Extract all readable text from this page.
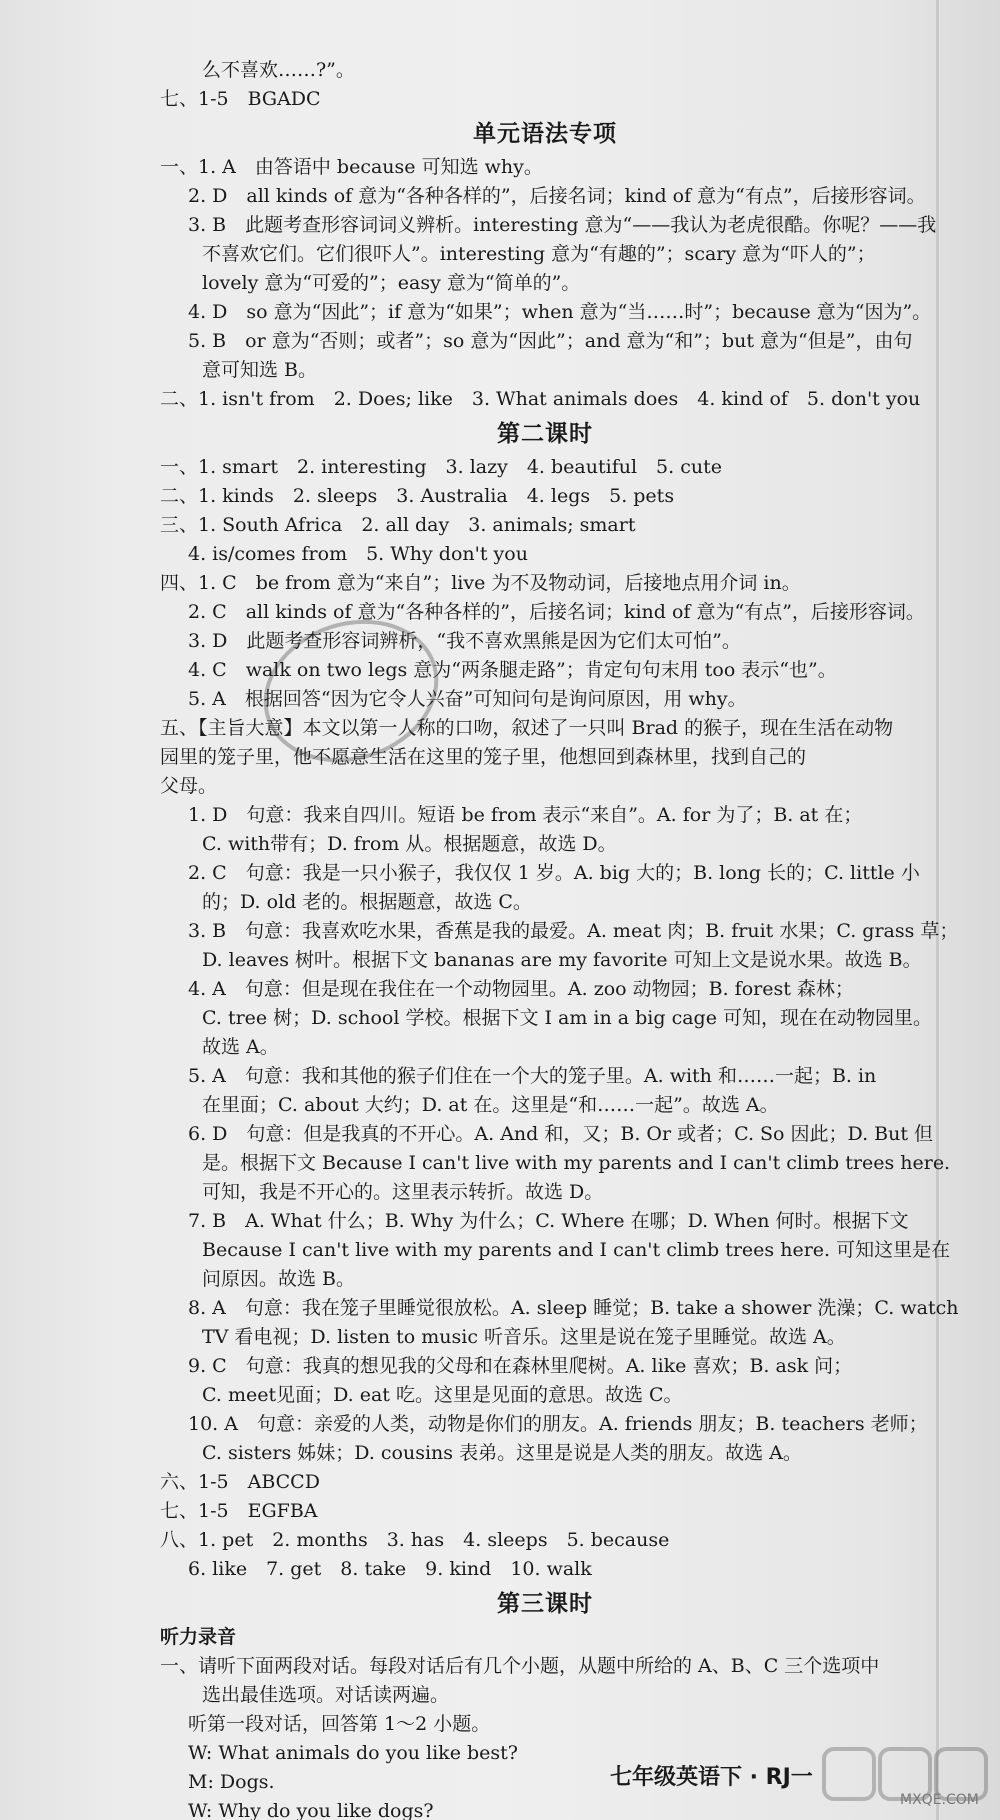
么不喜欢……?”。
七、1-5　BGADC
单元语法专项
一、1. A　由答语中 because 可知选 why。
2. D　all kinds of 意为“各种各样的”，后接名词；kind of 意为“有点”，后接形容词。
3. B　此题考查形容词词义辨析。interesting 意为“——我认为老虎很酷。你呢？——我
不喜欢它们。它们很吓人”。interesting 意为“有趣的”；scary 意为“吓人的”；
lovely 意为“可爱的”；easy 意为“简单的”。
4. D　so 意为“因此”；if 意为“如果”；when 意为“当……时”；because 意为“因为”。
5. B　or 意为“否则；或者”；so 意为“因此”；and 意为“和”；but 意为“但是”，由句
意可知选 B。
二、1. isn't from　2. Does; like　3. What animals does　4. kind of　5. don't you
第二课时
一、1. smart　2. interesting　3. lazy　4. beautiful　5. cute
二、1. kinds　2. sleeps　3. Australia　4. legs　5. pets
三、1. South Africa　2. all day　3. animals; smart
4. is/comes from　5. Why don't you
四、1. C　be from 意为“来自”；live 为不及物动词，后接地点用介词 in。
2. C　all kinds of 意为“各种各样的”，后接名词；kind of 意为“有点”，后接形容词。
3. D　此题考查形容词辨析，“我不喜欢黑熊是因为它们太可怕”。
4. C　walk on two legs 意为“两条腿走路”；肯定句句末用 too 表示“也”。
5. A　根据回答“因为它令人兴奋”可知问句是询问原因，用 why。
五、【主旨大意】本文以第一人称的口吻，叙述了一只叫 Brad 的猴子，现在生活在动物
园里的笼子里，他不愿意生活在这里的笼子里，他想回到森林里，找到自己的
父母。
1. D　句意：我来自四川。短语 be from 表示“来自”。A. for 为了；B. at 在；
C. with带有；D. from 从。根据题意，故选 D。
2. C　句意：我是一只小猴子，我仅仅 1 岁。A. big 大的；B. long 长的；C. little 小
的；D. old 老的。根据题意，故选 C。
3. B　句意：我喜欢吃水果，香蕉是我的最爱。A. meat 肉；B. fruit 水果；C. grass 草；
D. leaves 树叶。根据下文 bananas are my favorite 可知上文是说水果。故选 B。
4. A　句意：但是现在我住在一个动物园里。A. zoo 动物园；B. forest 森林；
C. tree 树；D. school 学校。根据下文 I am in a big cage 可知，现在在动物园里。
故选 A。
5. A　句意：我和其他的猴子们住在一个大的笼子里。A. with 和……一起；B. in
在里面；C. about 大约；D. at 在。这里是“和……一起”。故选 A。
6. D　句意：但是我真的不开心。A. And 和，又；B. Or 或者；C. So 因此；D. But 但
是。根据下文 Because I can't live with my parents and I can't climb trees here.
可知，我是不开心的。这里表示转折。故选 D。
7. B　A. What 什么；B. Why 为什么；C. Where 在哪；D. When 何时。根据下文
Because I can't live with my parents and I can't climb trees here. 可知这里是在
问原因。故选 B。
8. A　句意：我在笼子里睡觉很放松。A. sleep 睡觉；B. take a shower 洗澡；C. watch
TV 看电视；D. listen to music 听音乐。这里是说在笼子里睡觉。故选 A。
9. C　句意：我真的想见我的父母和在森林里爬树。A. like 喜欢；B. ask 问；
C. meet见面；D. eat 吃。这里是见面的意思。故选 C。
10. A　句意：亲爱的人类，动物是你们的朋友。A. friends 朋友；B. teachers 老师；
C. sisters 姊妹；D. cousins 表弟。这里是说是人类的朋友。故选 A。
六、1-5　ABCCD
七、1-5　EGFBA
八、1. pet　2. months　3. has　4. sleeps　5. because
6. like　7. get　8. take　9. kind　10. walk
第三课时
听力录音
一、请听下面两段对话。每段对话后有几个小题，从题中所给的 A、B、C 三个选项中
选出最佳选项。对话读两遍。
听第一段对话，回答第 1～2 小题。
W: What animals do you like best?
M: Dogs.
W: Why do you like dogs?
七年级英语下 · RJ一
MXQE.COM
